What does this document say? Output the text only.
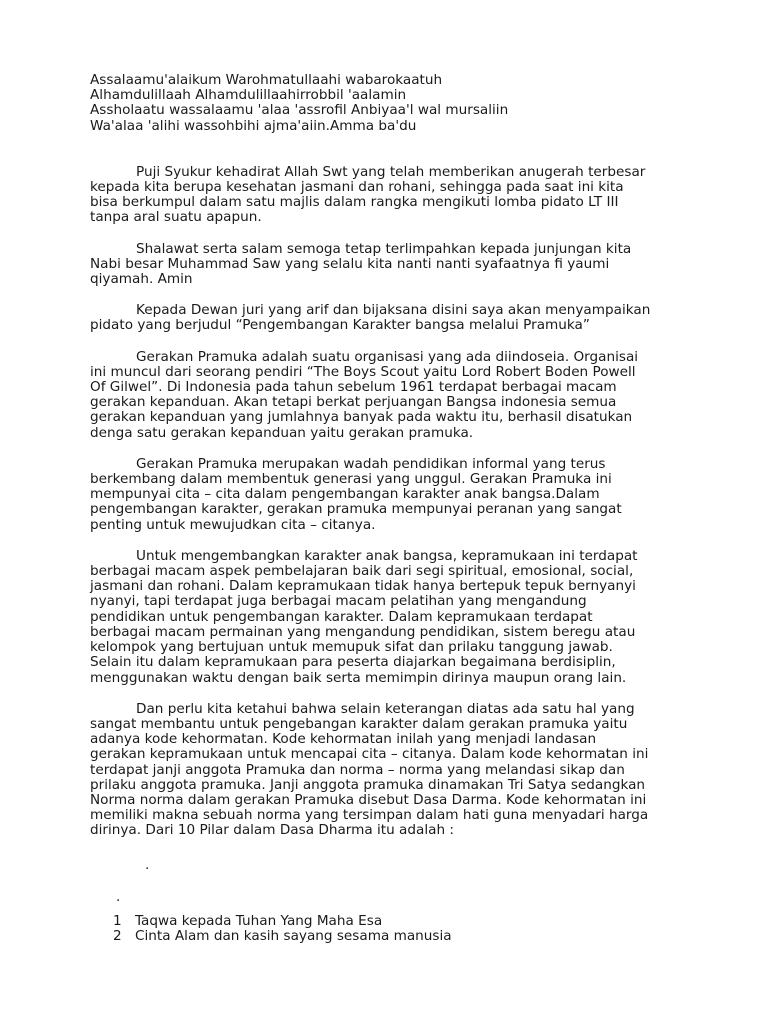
Assalaamu'alaikum Warohmatullaahi wabarokaatuh

Alhamdulillaah Alhamdulillaahirrobbil 'aalamin

Assholaatu wassalaamu 'alaa 'assrofil Anbiyaa'l wal mursaliin

Wa'alaa 'alihi wassohbihi ajma'aiin.Amma ba'du

Puji Syukur kehadirat Allah Swt yang telah memberikan anugerah terbesar kepada kita berupa kesehatan jasmani dan rohani, sehingga pada saat ini kita bisa berkumpul dalam satu majlis dalam rangka mengikuti lomba pidato LT III tanpa aral suatu apapun.

Shalawat serta salam semoga tetap terlimpahkan kepada junjungan kita Nabi besar Muhammad Saw yang selalu kita nanti nanti syafaatnya fi yaumi qiyamah. Amin

Kepada Dewan juri yang arif dan bijaksana disini saya akan menyampaikan pidato yang berjudul “Pengembangan Karakter bangsa melalui Pramuka”

Gerakan Pramuka adalah suatu organisasi yang ada diindoseia. Organisai ini muncul dari seorang pendiri “The Boys Scout yaitu Lord Robert Boden Powell Of Gilwel”. Di Indonesia pada tahun sebelum 1961 terdapat berbagai macam gerakan kepanduan. Akan tetapi berkat perjuangan Bangsa indonesia semua gerakan kepanduan yang jumlahnya banyak pada waktu itu, berhasil disatukan denga satu gerakan kepanduan yaitu gerakan pramuka.

Gerakan Pramuka merupakan wadah pendidikan informal yang terus berkembang dalam membentuk generasi yang unggul. Gerakan Pramuka ini mempunyai cita – cita dalam pengembangan karakter anak bangsa.Dalam pengembangan karakter, gerakan pramuka mempunyai peranan yang sangat penting untuk mewujudkan cita – citanya.

Untuk mengembangkan karakter anak bangsa, kepramukaan ini terdapat berbagai macam aspek pembelajaran baik dari segi spiritual, emosional, social, jasmani dan rohani. Dalam kepramukaan tidak hanya bertepuk tepuk bernyanyi nyanyi, tapi terdapat juga berbagai macam pelatihan yang mengandung pendidikan untuk pengembangan karakter. Dalam kepramukaan terdapat berbagai macam permainan yang mengandung pendidikan, sistem beregu atau kelompok yang bertujuan untuk memupuk sifat dan prilaku tanggung jawab. Selain itu dalam kepramukaan para peserta diajarkan begaimana berdisiplin, menggunakan waktu dengan baik serta memimpin dirinya maupun orang lain.

Dan perlu kita ketahui bahwa selain keterangan diatas ada satu hal yang sangat membantu untuk pengebangan karakter dalam gerakan pramuka yaitu adanya kode kehormatan. Kode kehormatan inilah yang menjadi landasan gerakan kepramukaan untuk mencapai cita – citanya. Dalam kode kehormatan ini terdapat janji anggota Pramuka dan norma – norma yang melandasi sikap dan prilaku anggota pramuka. Janji anggota pramuka dinamakan Tri Satya sedangkan Norma norma dalam gerakan Pramuka disebut Dasa Darma. Kode kehormatan ini memiliki makna sebuah norma yang tersimpan dalam hati guna menyadari harga dirinya. Dari 10 Pilar dalam Dasa Dharma itu adalah :

.
.
1 Taqwa kepada Tuhan Yang Maha Esa
2 Cinta Alam dan kasih sayang sesama manusia
